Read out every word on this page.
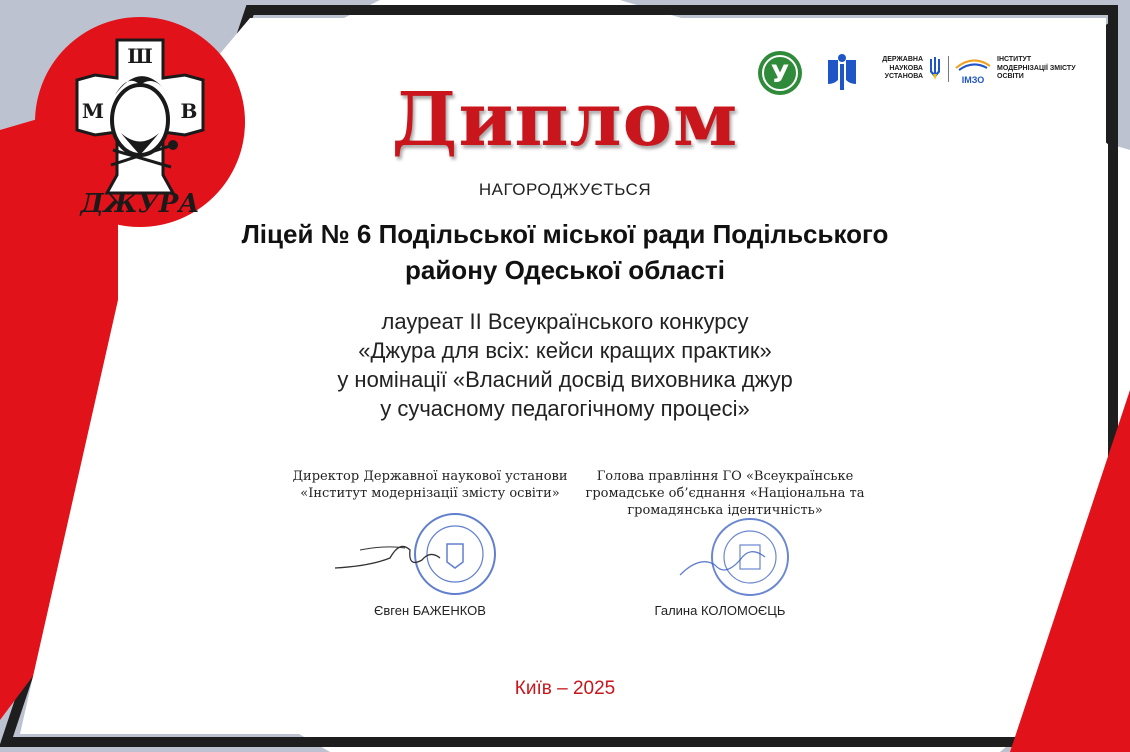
Ш
М	В
ДЖУРА
У
ДЕРЖАВНА
НАУКОВА
УСТАНОВА	ІМЗО
ІНСТИТУТ
МОДЕРНІЗАЦІЇ ЗМІСТУ
ОСВІТИ
Диплом
НАГОРОДЖУЄТЬСЯ
Ліцей № 6 Подільської міської ради Подільського
району Одеської області
лауреат ІІ Всеукраїнського конкурсу
«Джура для всіх: кейси кращих практик»
у номінації «Власний досвід виховника джур
у сучасному педагогічному процесі»
Директор Державної наукової установи
«Інститут модернізації змісту освіти»
Євген БАЖЕНКОВ
Голова правління ГО «Всеукраїнське
громадське об’єднання «Національна та
громадянська ідентичність»
Галина КОЛОМОЄЦЬ
Київ – 2025
